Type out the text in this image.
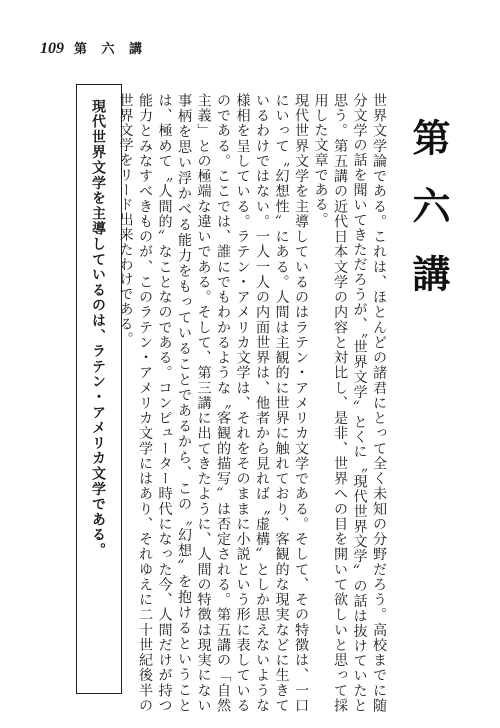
109 第 六 講
第六講

世界文学論である。これは、ほとんどの諸君にとって全く未知の分野だろう。高校までに随分文学の話を聞いてきただろうが、〝世界文学〟とくに〝現代世界文学〟の話は抜けていたと思う。第五講の近代日本文学の内容と対比し、是非、世界への目を開いて欲しいと思って採用した文章である。

現代世界文学を主導しているのはラテン・アメリカ文学である。そして、その特徴は、一口にいって〝幻想性〟にある。人間は主観的に世界に触れており、客観的な現実などに生きているわけではない。一人一人の内面世界は、他者から見れば〝虚構〟としか思えないような様相を呈している。ラテン・アメリカ文学は、それをそのままに小説という形に表しているのである。ここでは、誰にでもわかるような〝客観的描写〟は否定される。第五講の「自然主義」との極端な違いである。そして、第三講に出てきたように、人間の特徴は現実にない事柄を思い浮かべる能力をもっていることであるから、この〝幻想〟を抱けるということは、極めて〝人間的〟なことなのである。コンピューター時代になった今、人間だけが持つ能力とみなすべきものが、このラテン・アメリカ文学にはあり、それゆえに二十世紀後半の世界文学をリード出来たわけである。

現代世界文学を主導しているのは、ラテン・アメリカ文学である。
